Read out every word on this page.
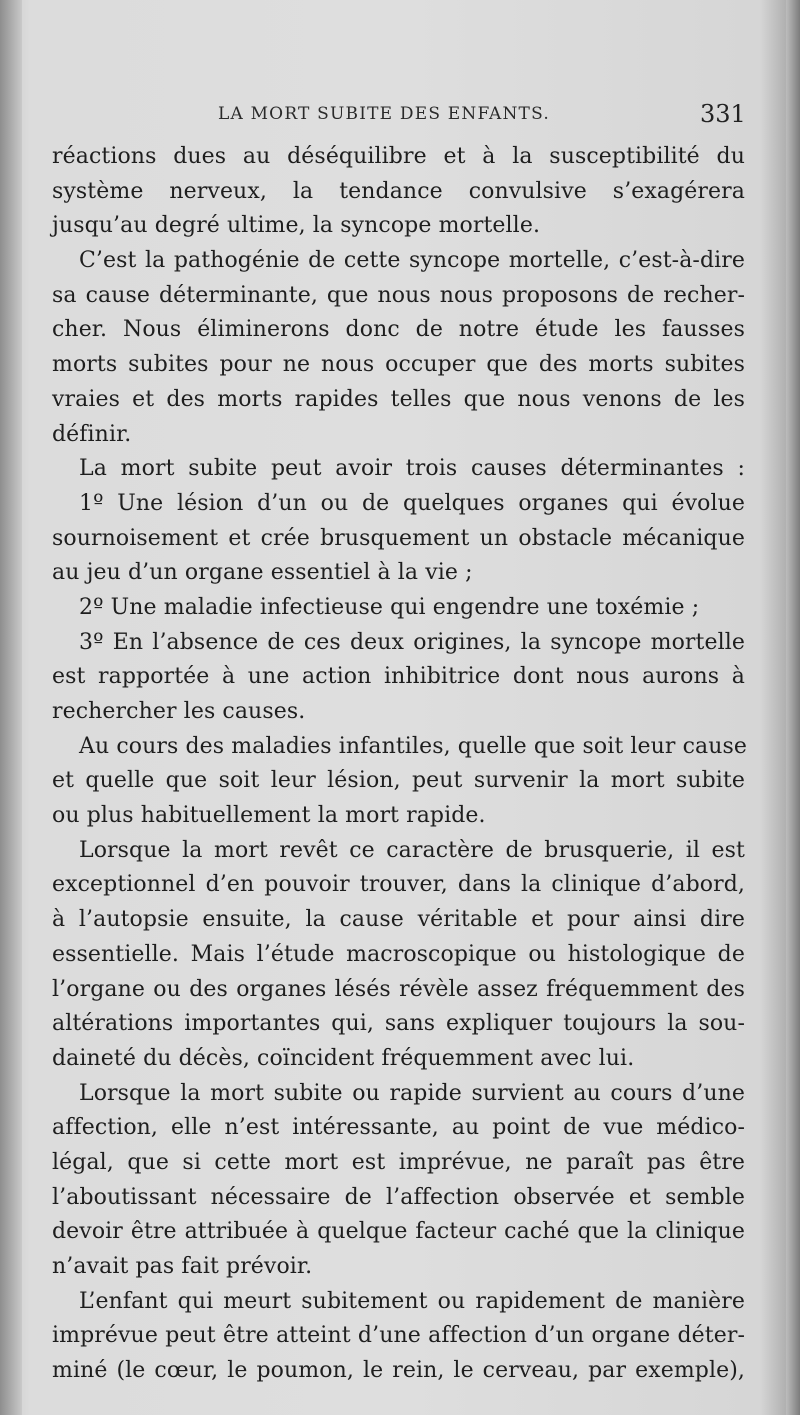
LA MORT SUBITE DES ENFANTS.	331
réactions dues au déséquilibre et à la susceptibilité du
système nerveux, la tendance convulsive s’exagérera
jusqu’au degré ultime, la syncope mortelle.
C’est la pathogénie de cette syncope mortelle, c’est-à-dire
sa cause déterminante, que nous nous proposons de recher-
cher. Nous éliminerons donc de notre étude les fausses
morts subites pour ne nous occuper que des morts subites
vraies et des morts rapides telles que nous venons de les
définir.
La mort subite peut avoir trois causes déterminantes :
1º Une lésion d’un ou de quelques organes qui évolue
sournoisement et crée brusquement un obstacle mécanique
au jeu d’un organe essentiel à la vie ;
2º Une maladie infectieuse qui engendre une toxémie ;
3º En l’absence de ces deux origines, la syncope mortelle
est rapportée à une action inhibitrice dont nous aurons à
rechercher les causes.
Au cours des maladies infantiles, quelle que soit leur cause
et quelle que soit leur lésion, peut survenir la mort subite
ou plus habituellement la mort rapide.
Lorsque la mort revêt ce caractère de brusquerie, il est
exceptionnel d’en pouvoir trouver, dans la clinique d’abord,
à l’autopsie ensuite, la cause véritable et pour ainsi dire
essentielle. Mais l’étude macroscopique ou histologique de
l’organe ou des organes lésés révèle assez fréquemment des
altérations importantes qui, sans expliquer toujours la sou-
daineté du décès, coïncident fréquemment avec lui.
Lorsque la mort subite ou rapide survient au cours d’une
affection, elle n’est intéressante, au point de vue médico-
légal, que si cette mort est imprévue, ne paraît pas être
l’aboutissant nécessaire de l’affection observée et semble
devoir être attribuée à quelque facteur caché que la clinique
n’avait pas fait prévoir.
L’enfant qui meurt subitement ou rapidement de manière
imprévue peut être atteint d’une affection d’un organe déter-
miné (le cœur, le poumon, le rein, le cerveau, par exemple),
